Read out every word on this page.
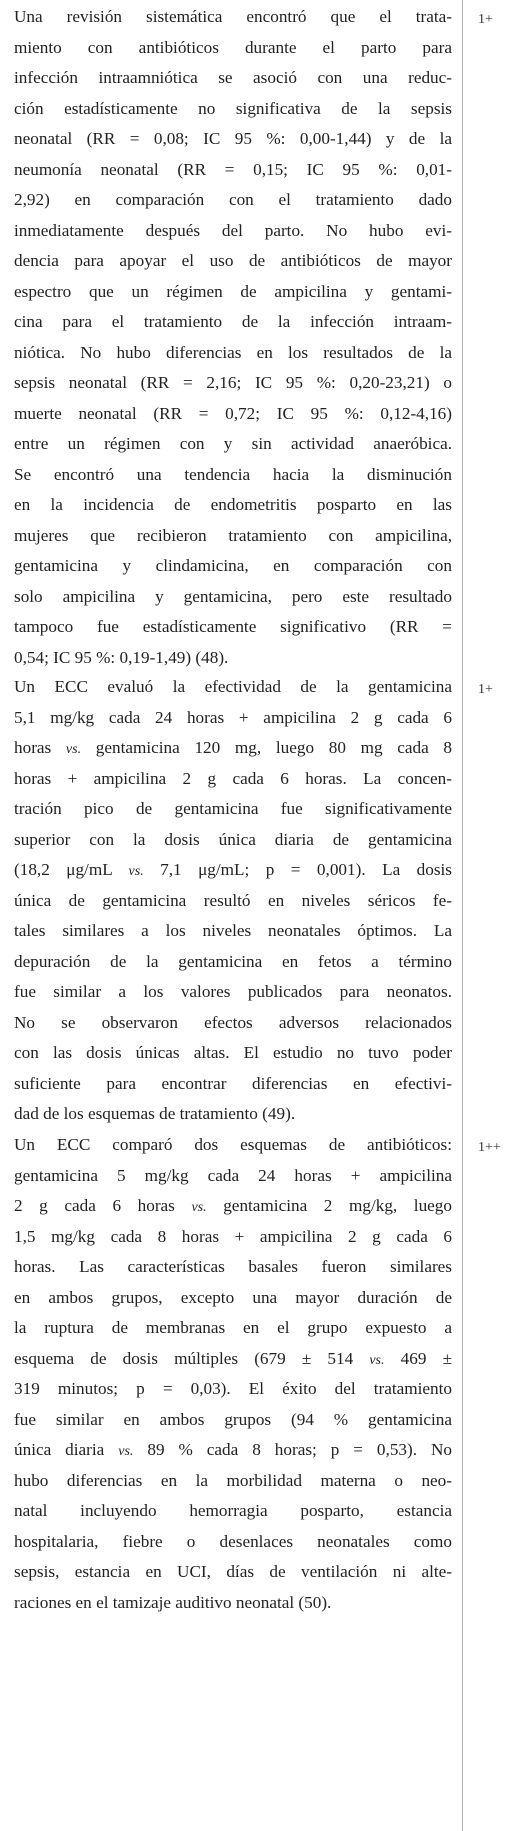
Una revisión sistemática encontró que el trata-
miento con antibióticos durante el parto para
infección intraamniótica se asoció con una reduc-
ción estadísticamente no significativa de la sepsis
neonatal (RR = 0,08; IC 95 %: 0,00-1,44) y de la
neumonía neonatal (RR = 0,15; IC 95 %: 0,01-
2,92) en comparación con el tratamiento dado
inmediatamente después del parto. No hubo evi-
dencia para apoyar el uso de antibióticos de mayor
espectro que un régimen de ampicilina y gentami-
cina para el tratamiento de la infección intraam-
niótica. No hubo diferencias en los resultados de la
sepsis neonatal (RR = 2,16; IC 95 %: 0,20-23,21) o
muerte neonatal (RR = 0,72; IC 95 %: 0,12-4,16)
entre un régimen con y sin actividad anaeróbica.
Se encontró una tendencia hacia la disminución
en la incidencia de endometritis posparto en las
mujeres que recibieron tratamiento con ampicilina,
gentamicina y clindamicina, en comparación con
solo ampicilina y gentamicina, pero este resultado
tampoco fue estadísticamente significativo (RR =
0,54; IC 95 %: 0,19-1,49) (48).
1+
Un ECC evaluó la efectividad de la gentamicina
5,1 mg/kg cada 24 horas + ampicilina 2 g cada 6
horas vs. gentamicina 120 mg, luego 80 mg cada 8
horas + ampicilina 2 g cada 6 horas. La concen-
tración pico de gentamicina fue significativamente
superior con la dosis única diaria de gentamicina
(18,2 μg/mL vs. 7,1 μg/mL; p = 0,001). La dosis
única de gentamicina resultó en niveles séricos fe-
tales similares a los niveles neonatales óptimos. La
depuración de la gentamicina en fetos a término
fue similar a los valores publicados para neonatos.
No se observaron efectos adversos relacionados
con las dosis únicas altas. El estudio no tuvo poder
suficiente para encontrar diferencias en efectivi-
dad de los esquemas de tratamiento (49).
1+
Un ECC comparó dos esquemas de antibióticos:
gentamicina 5 mg/kg cada 24 horas + ampicilina
2 g cada 6 horas vs. gentamicina 2 mg/kg, luego
1,5 mg/kg cada 8 horas + ampicilina 2 g cada 6
horas. Las características basales fueron similares
en ambos grupos, excepto una mayor duración de
la ruptura de membranas en el grupo expuesto a
esquema de dosis múltiples (679 ± 514 vs. 469 ±
319 minutos; p = 0,03). El éxito del tratamiento
fue similar en ambos grupos (94 % gentamicina
única diaria vs. 89 % cada 8 horas; p = 0,53). No
hubo diferencias en la morbilidad materna o neo-
natal incluyendo hemorragia posparto, estancia
hospitalaria, fiebre o desenlaces neonatales como
sepsis, estancia en UCI, días de ventilación ni alte-
raciones en el tamizaje auditivo neonatal (50).
1++
